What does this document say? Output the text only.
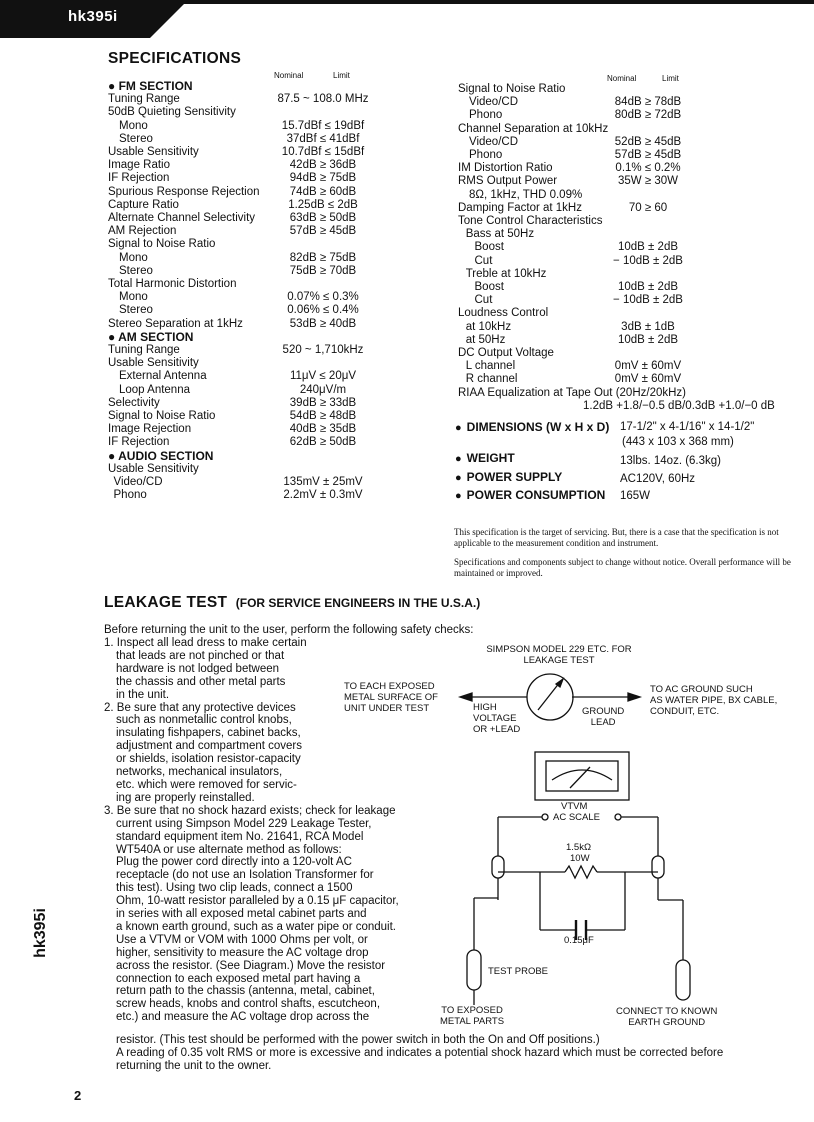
hk395i
SPECIFICATIONS
Nominal	Limit	Nominal	Limit
● FM SECTION
Tuning Range	87.5 ~ 108.0 MHz
50dB Quieting Sensitivity
Mono	15.7dBf ≤ 19dBf
Stereo	37dBf ≤ 41dBf
Usable Sensitivity	10.7dBf ≤ 15dBf
Image Ratio	42dB ≥ 36dB
IF Rejection	94dB ≥ 75dB
Spurious Response Rejection	74dB ≥ 60dB
Capture Ratio	1.25dB ≤ 2dB
Alternate Channel Selectivity	63dB ≥ 50dB
AM Rejection	57dB ≥ 45dB
Signal to Noise Ratio
Mono	82dB ≥ 75dB
Stereo	75dB ≥ 70dB
Total Harmonic Distortion
Mono	0.07% ≤ 0.3%
Stereo	0.06% ≤ 0.4%
Stereo Separation at 1kHz	53dB ≥ 40dB
● AM SECTION
Tuning Range	520 ~ 1,710kHz
Usable Sensitivity
External Antenna	11μV ≤ 20μV
Loop Antenna	240μV/m
Selectivity	39dB ≥ 33dB
Signal to Noise Ratio	54dB ≥ 48dB
Image Rejection	40dB ≥ 35dB
IF Rejection	62dB ≥ 50dB
● AUDIO SECTION
Usable Sensitivity
Video/CD	135mV ± 25mV
Phono	2.2mV ± 0.3mV
Signal to Noise Ratio
Video/CD	84dB ≥ 78dB
Phono	80dB ≥ 72dB
Channel Separation at 10kHz
Video/CD	52dB ≥ 45dB
Phono	57dB ≥ 45dB
IM Distortion Ratio	0.1% ≤ 0.2%
RMS Output Power	35W ≥ 30W
8Ω, 1kHz, THD 0.09%
Damping Factor at 1kHz	70 ≥ 60
Tone Control Characteristics
Bass at 50Hz
Boost	10dB ± 2dB
Cut	− 10dB ± 2dB
Treble at 10kHz
Boost	10dB ± 2dB
Cut	− 10dB ± 2dB
Loudness Control
at 10kHz	3dB ± 1dB
at 50Hz	10dB ± 2dB
DC Output Voltage
L channel	0mV ± 60mV
R channel	0mV ± 60mV
RIAA Equalization at Tape Out (20Hz/20kHz)
1.2dB +1.8/−0.5 dB/0.3dB +1.0/−0 dB
● DIMENSIONS (W x H x D) 17-1/2" x 4-1/16" x 14-1/2"
(443 x 103 x 368 mm)
● WEIGHT	13lbs. 14oz. (6.3kg)
● POWER SUPPLY	AC120V, 60Hz
● POWER CONSUMPTION 165W
This specification is the target of servicing. But, there is a case that the specification is not applicable to the measurement condition and instrument.
Specifications and components subject to change without notice. Overall performance will be maintained or improved.
LEAKAGE TEST (FOR SERVICE ENGINEERS IN THE U.S.A.)
Before returning the unit to the user, perform the following safety checks:
1. Inspect all lead dress to make certain
that leads are not pinched or that
hardware is not lodged between
the chassis and other metal parts
in the unit.
2. Be sure that any protective devices
such as nonmetallic control knobs,
insulating fishpapers, cabinet backs,
adjustment and compartment covers
or shields, isolation resistor-capacity
networks, mechanical insulators,
etc. which were removed for servic-
ing are properly reinstalled.
3. Be sure that no shock hazard exists; check for leakage
current using Simpson Model 229 Leakage Tester,
standard equipment item No. 21641, RCA Model
WT540A or use alternate method as follows:
Plug the power cord directly into a 120-volt AC
receptacle (do not use an Isolation Transformer for
this test). Using two clip leads, connect a 1500
Ohm, 10-watt resistor paralleled by a 0.15 μF capacitor,
in series with all exposed metal cabinet parts and
a known earth ground, such as a water pipe or conduit.
Use a VTVM or VOM with 1000 Ohms per volt, or
higher, sensitivity to measure the AC voltage drop
across the resistor. (See Diagram.) Move the resistor
connection to each exposed metal part having a
return path to the chassis (antenna, metal, cabinet,
screw heads, knobs and control shafts, escutcheon,
etc.) and measure the AC voltage drop across the
resistor. (This test should be performed with the power switch in both the On and Off positions.)
A reading of 0.35 volt RMS or more is excessive and indicates a potential shock hazard which must be corrected before
returning the unit to the owner.
SIMPSON MODEL 229 ETC. FOR
LEAKAGE TEST
TO EACH EXPOSED
METAL SURFACE OF
UNIT UNDER TEST
TO AC GROUND SUCH
AS WATER PIPE, BX CABLE,
CONDUIT, ETC.
HIGH
VOLTAGE
OR +LEAD
GROUND
LEAD
VTVM
AC SCALE
1.5kΩ
10W
0.15μF
TEST PROBE
TO EXPOSED
METAL PARTS
CONNECT TO KNOWN
EARTH GROUND
hk395i
2
